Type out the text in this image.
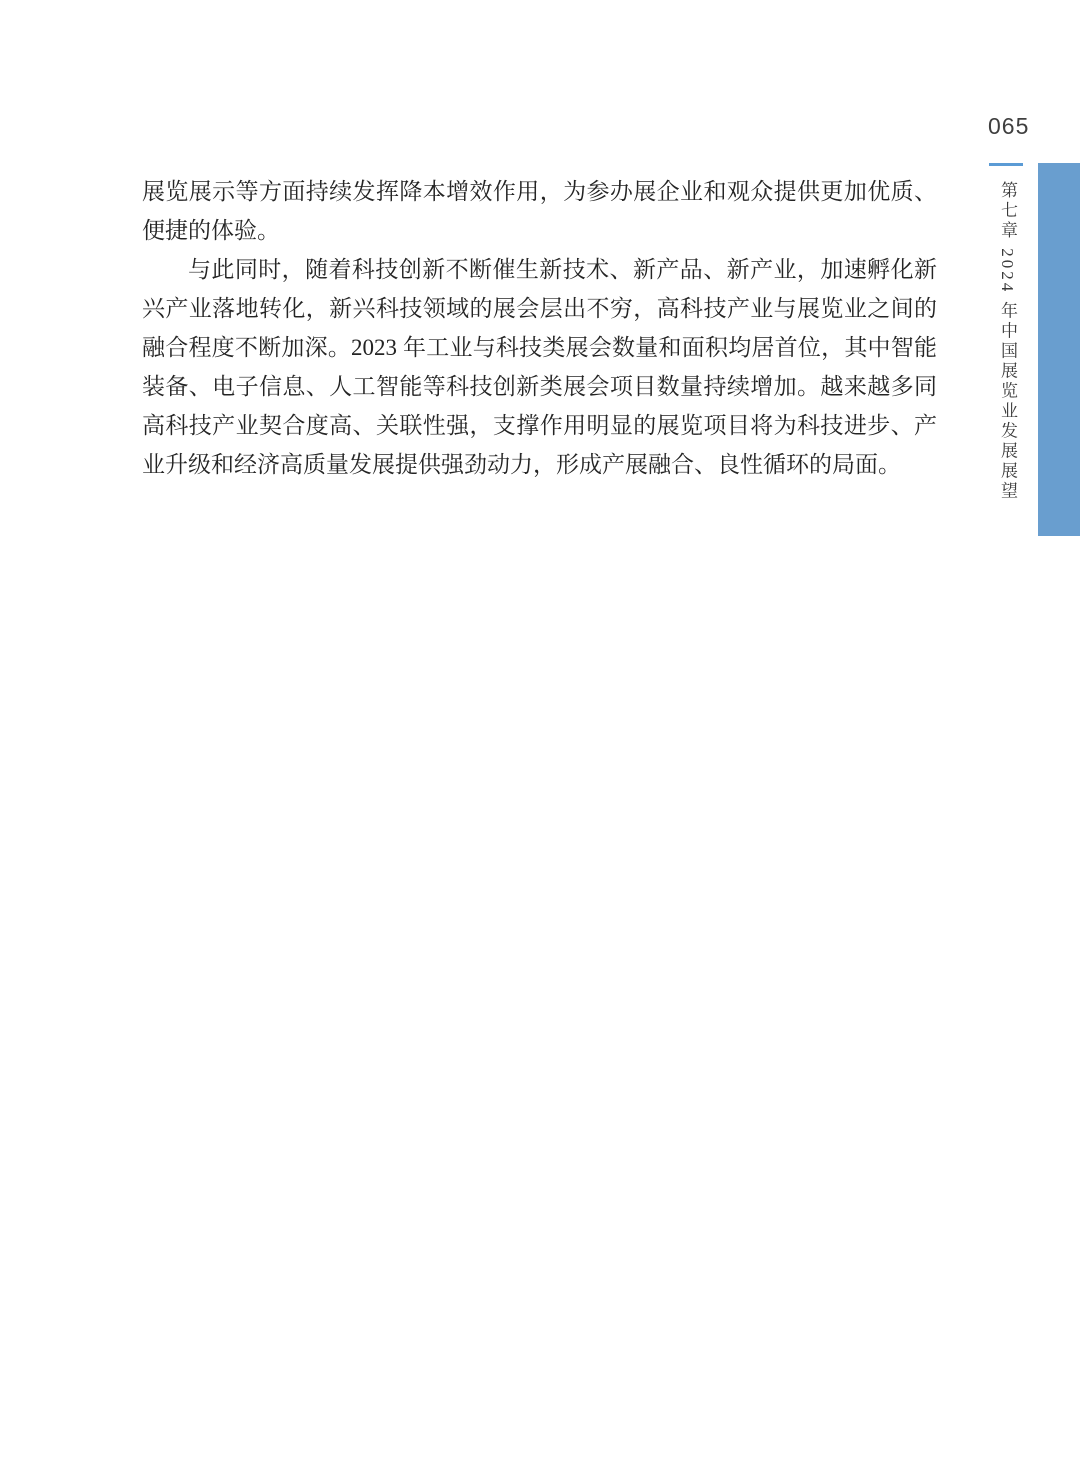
065
第七章 2024 年中国展览业发展展望

展览展示等方面持续发挥降本增效作用，为参办展企业和观众提供更加优质、便捷的体验。

与此同时，随着科技创新不断催生新技术、新产品、新产业，加速孵化新兴产业落地转化，新兴科技领域的展会层出不穷，高科技产业与展览业之间的融合程度不断加深。2023 年工业与科技类展会数量和面积均居首位，其中智能装备、电子信息、人工智能等科技创新类展会项目数量持续增加。越来越多同高科技产业契合度高、关联性强，支撑作用明显的展览项目将为科技进步、产业升级和经济高质量发展提供强劲动力，形成产展融合、良性循环的局面。
